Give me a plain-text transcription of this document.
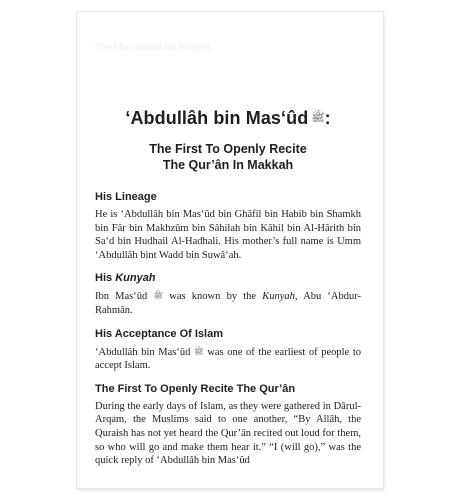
The Men around the Prophet

‘Abdullâh bin Mas‘ûd ﷺ:
The First To Openly Recite
The Qur’ân In Makkah
His Lineage

He is ‘Abdullâh bin Mas‘ûd bin Ghâfil bin Habib bin Shamkh bin Fâr bin Makhzûm bin Sâhilah bin Kâhil bin Al-Hârith bin Sa‘d bin Hudhail Al-Hadhali. His mother’s full name is Umm ‘Abdullâh bint Wadd bin Suwâ‘ah.

His Kunyah

Ibn Mas‘ûd ﷺ was known by the Kunyah, Abu ‘Abdur-Rahmân.

His Acceptance Of Islam

‘Abdullâh bin Mas‘ûd ﷺ was one of the earliest of people to accept Islam.

The First To Openly Recite The Qur’ân

During the early days of Islam, as they were gathered in Dârul-Arqam, the Muslims said to one another, “By Allâh, the Quraish has not yet heard the Qur’ân recited out loud for them, so who will go and make them hear it.” “I (will go),” was the quick reply of ‘Abdullâh bin Mas‘ûd
